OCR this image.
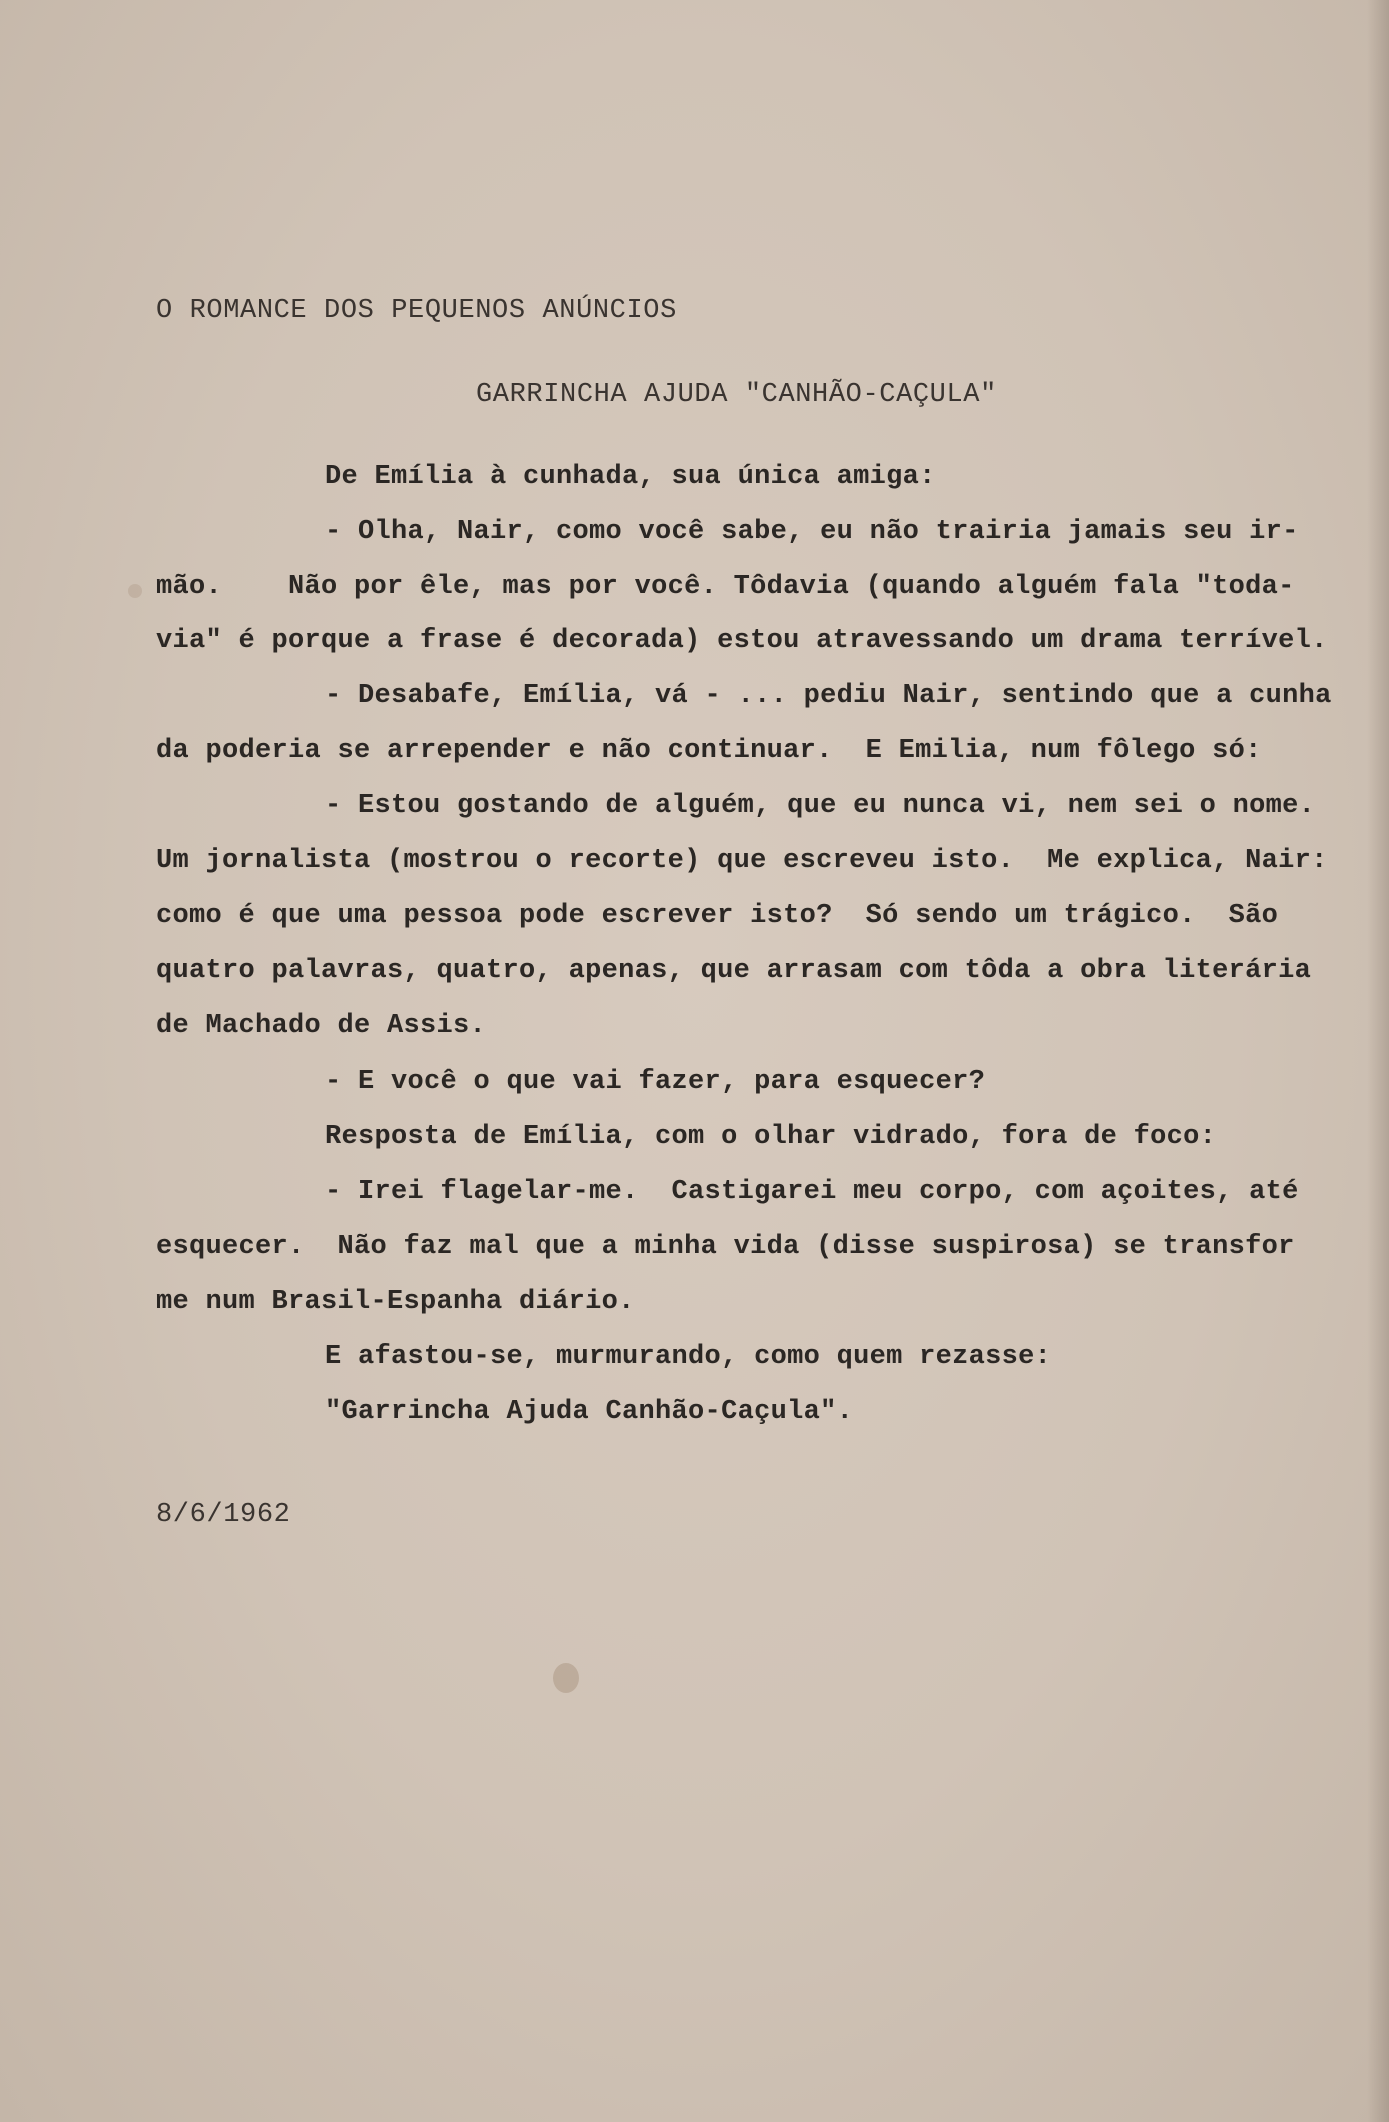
O ROMANCE DOS PEQUENOS ANÚNCIOS

GARRINCHA AJUDA "CANHÃO-CAÇULA"

De Emília à cunhada, sua única amiga:

- Olha, Nair, como você sabe, eu não trairia jamais seu ir-

mão.    Não por êle, mas por você. Tôdavia (quando alguém fala "toda-

via" é porque a frase é decorada) estou atravessando um drama terrível.

- Desabafe, Emília, vá - ... pediu Nair, sentindo que a cunha

da poderia se arrepender e não continuar.  E Emilia, num fôlego só:

- Estou gostando de alguém, que eu nunca vi, nem sei o nome.

Um jornalista (mostrou o recorte) que escreveu isto.  Me explica, Nair:

como é que uma pessoa pode escrever isto?  Só sendo um trágico.  São

quatro palavras, quatro, apenas, que arrasam com tôda a obra literária

de Machado de Assis.

- E você o que vai fazer, para esquecer?

Resposta de Emília, com o olhar vidrado, fora de foco:

- Irei flagelar-me.  Castigarei meu corpo, com açoites, até

esquecer.  Não faz mal que a minha vida (disse suspirosa) se transfor

me num Brasil-Espanha diário.

E afastou-se, murmurando, como quem rezasse:

"Garrincha Ajuda Canhão-Caçula".

8/6/1962
